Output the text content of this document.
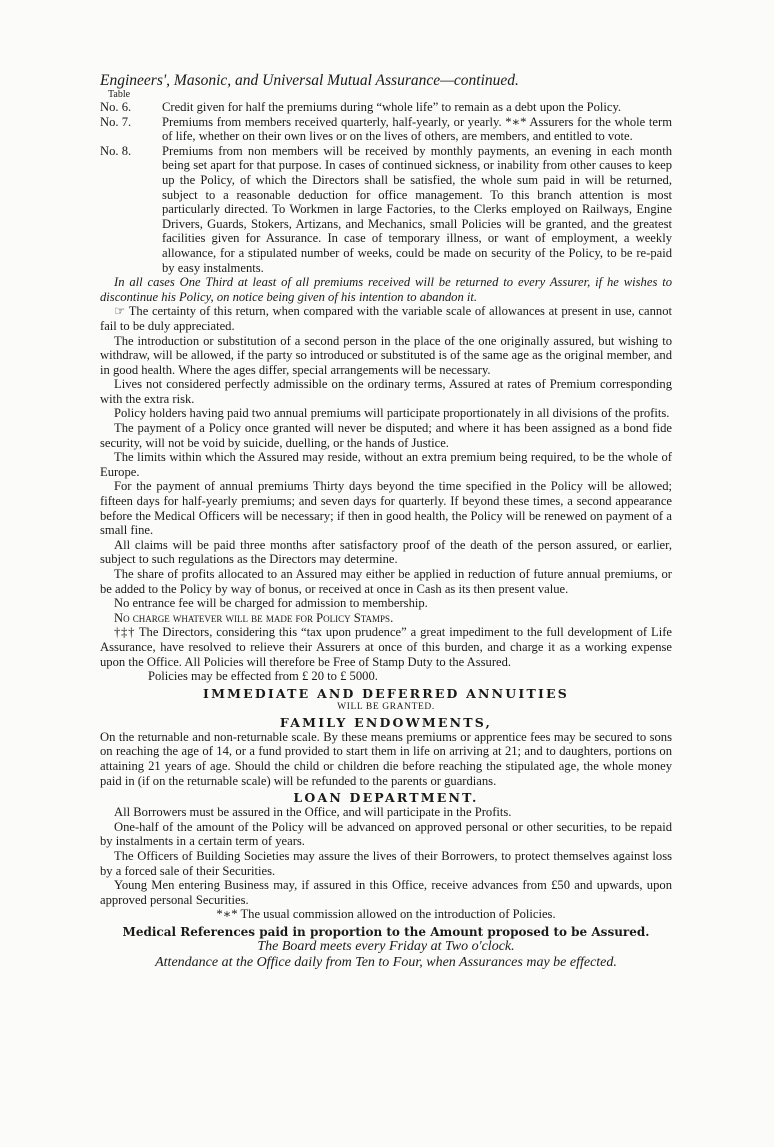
Engineers', Masonic, and Universal Mutual Assurance—continued.

Table

No. 6.	Credit given for half the premiums during “whole life” to remain as a debt upon the Policy.
No. 7.	Premiums from members received quarterly, half-yearly, or yearly. *∗* Assurers for the whole term of life, whether on their own lives or on the lives of others, are members, and entitled to vote.
No. 8.	Premiums from non members will be received by monthly payments, an evening in each month being set apart for that purpose. In cases of continued sickness, or inability from other causes to keep up the Policy, of which the Directors shall be satisfied, the whole sum paid in will be returned, subject to a reasonable deduction for office management. To this branch attention is most particularly directed. To Workmen in large Factories, to the Clerks employed on Railways, Engine Drivers, Guards, Stokers, Artizans, and Mechanics, small Policies will be granted, and the greatest facilities given for Assurance. In case of temporary illness, or want of employment, a weekly allowance, for a stipulated number of weeks, could be made on security of the Policy, to be re-paid by easy instalments.

In all cases One Third at least of all premiums received will be returned to every Assurer, if he wishes to discontinue his Policy, on notice being given of his intention to abandon it.

☞ The certainty of this return, when compared with the variable scale of allowances at present in use, cannot fail to be duly appreciated.

The introduction or substitution of a second person in the place of the one originally assured, but wishing to withdraw, will be allowed, if the party so introduced or substituted is of the same age as the original member, and in good health. Where the ages differ, special arrangements will be necessary.

Lives not considered perfectly admissible on the ordinary terms, Assured at rates of Premium corresponding with the extra risk.

Policy holders having paid two annual premiums will participate proportionately in all divisions of the profits.

The payment of a Policy once granted will never be disputed; and where it has been assigned as a bond fide security, will not be void by suicide, duelling, or the hands of Justice.

The limits within which the Assured may reside, without an extra premium being required, to be the whole of Europe.

For the payment of annual premiums Thirty days beyond the time specified in the Policy will be allowed; fifteen days for half-yearly premiums; and seven days for quarterly. If beyond these times, a second appearance before the Medical Officers will be necessary; if then in good health, the Policy will be renewed on payment of a small fine.

All claims will be paid three months after satisfactory proof of the death of the person assured, or earlier, subject to such regulations as the Directors may determine.

The share of profits allocated to an Assured may either be applied in reduction of future annual premiums, or be added to the Policy by way of bonus, or received at once in Cash as its then present value.

No entrance fee will be charged for admission to membership.

No charge whatever will be made for Policy Stamps.

†‡† The Directors, considering this “tax upon prudence” a great impediment to the full development of Life Assurance, have resolved to relieve their Assurers at once of this burden, and charge it as a working expense upon the Office. All Policies will therefore be Free of Stamp Duty to the Assured.

Policies may be effected from £ 20 to £ 5000.

IMMEDIATE AND DEFERRED ANNUITIES

WILL BE GRANTED.

FAMILY ENDOWMENTS,

On the returnable and non-returnable scale. By these means premiums or apprentice fees may be secured to sons on reaching the age of 14, or a fund provided to start them in life on arriving at 21; and to daughters, portions on attaining 21 years of age. Should the child or children die before reaching the stipulated age, the whole money paid in (if on the returnable scale) will be refunded to the parents or guardians.

LOAN DEPARTMENT.

All Borrowers must be assured in the Office, and will participate in the Profits.

One-half of the amount of the Policy will be advanced on approved personal or other securities, to be repaid by instalments in a certain term of years.

The Officers of Building Societies may assure the lives of their Borrowers, to protect themselves against loss by a forced sale of their Securities.

Young Men entering Business may, if assured in this Office, receive advances from £50 and upwards, upon approved personal Securities.

*∗* The usual commission allowed on the introduction of Policies.

Medical References paid in proportion to the Amount proposed to be Assured.

The Board meets every Friday at Two o'clock.

Attendance at the Office daily from Ten to Four, when Assurances may be effected.
